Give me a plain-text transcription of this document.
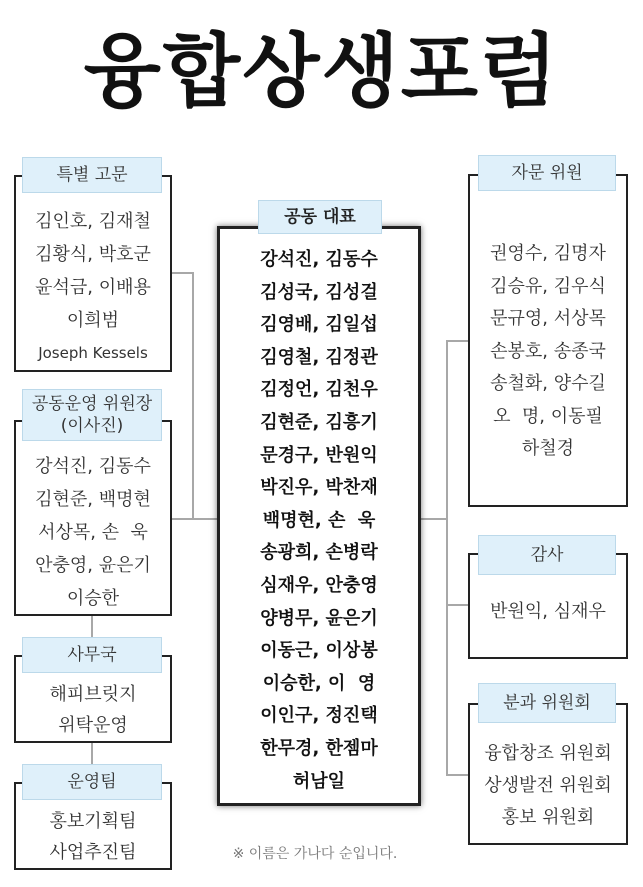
융합상생포럼
특별 고문
김인호, 김재철
김황식, 박호군
윤석금, 이배용
이희범
Joseph Kessels
공동운영 위원장
(이사진)
강석진, 김동수
김현준, 백명현
서상목, 손  욱
안충영, 윤은기
이승한
사무국
해피브릿지
위탁운영
운영팀
홍보기획팀
사업추진팀
공동 대표
강석진, 김동수
김성국, 김성걸
김영배, 김일섭
김영철, 김정관
김정언, 김천우
김현준, 김흥기
문경구, 반원익
박진우, 박찬재
백명현, 손  욱
송광희, 손병락
심재우, 안충영
양병무, 윤은기
이동근, 이상봉
이승한, 이  영
이인구, 정진택
한무경, 한젬마
허남일
자문 위원
권영수, 김명자
김승유, 김우식
문규영, 서상목
손봉호, 송종국
송철화, 양수길
오  명, 이동필
하철경
감사
반원익, 심재우
분과 위원회
융합창조 위원회
상생발전 위원회
홍보 위원회
※ 이름은 가나다 순입니다.
